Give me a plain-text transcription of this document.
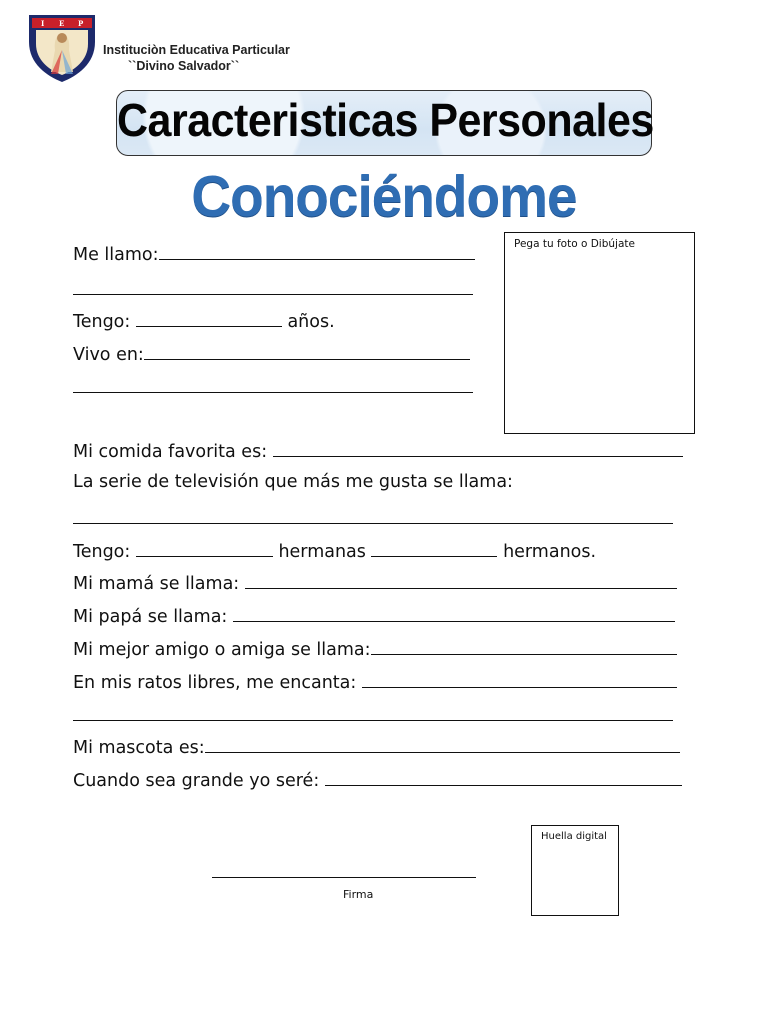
I E P
Instituciòn Educativa Particular
``Divino Salvador``
Caracteristicas Personales
Conociéndome
Pega tu foto o Dibújate
Me llamo:
Tengo:	años.
Vivo en:
Mi comida favorita es:
La serie de televisión que más me gusta se llama:
Tengo:	hermanas	hermanos.
Mi mamá se llama:
Mi papá se llama:
Mi mejor amigo o amiga se llama:
En mis ratos libres, me encanta:
Mi mascota es:
Cuando sea grande yo seré:
Firma
Huella digital
